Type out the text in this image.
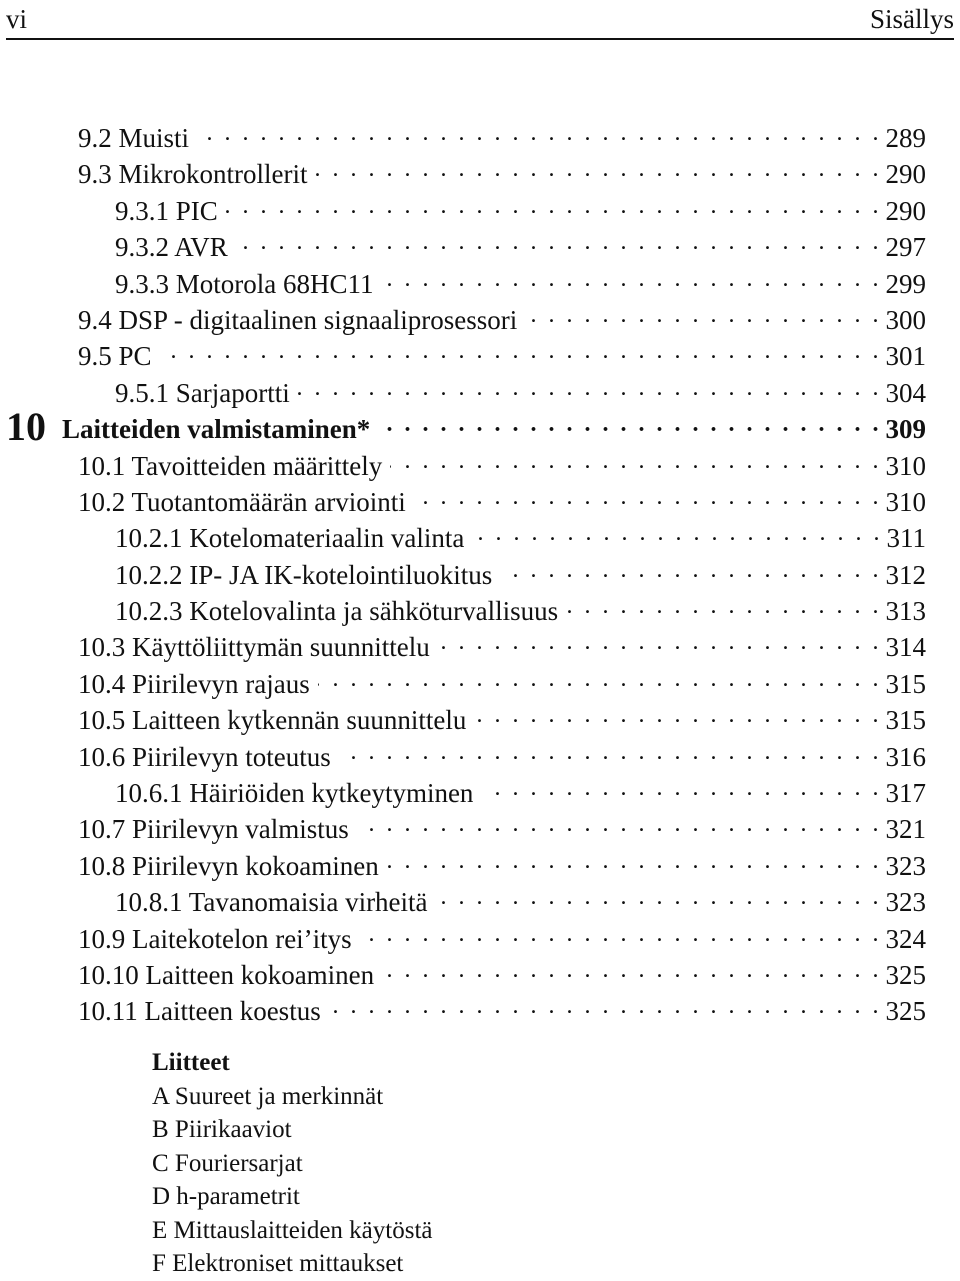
vi	Sisällys
9.2 Muisti . . .	289
9.3 Mikrokontrollerit . . .	290
9.3.1 PIC . . .	290
9.3.2 AVR . . .	297
9.3.3 Motorola 68HC11 . . .	299
9.4 DSP - digitaalinen signaaliprosessori . . .	300
9.5 PC . . .	301
9.5.1 Sarjaportti . . .	304
10 Laitteiden valmistaminen* . . .	309
10.1 Tavoitteiden määrittely . . .	310
10.2 Tuotantomäärän arviointi . . .	310
10.2.1 Kotelomateriaalin valinta . . .	311
10.2.2 IP- JA IK-kotelointiluokitus . . .	312
10.2.3 Kotelovalinta ja sähköturvallisuus . . .	313
10.3 Käyttöliittymän suunnittelu . . .	314
10.4 Piirilevyn rajaus . . .	315
10.5 Laitteen kytkennän suunnittelu . . .	315
10.6 Piirilevyn toteutus . . .	316
10.6.1 Häiriöiden kytkeytyminen . . .	317
10.7 Piirilevyn valmistus . . .	321
10.8 Piirilevyn kokoaminen . . .	323
10.8.1 Tavanomaisia virheitä . . .	323
10.9 Laitekotelon rei’itys . . .	324
10.10 Laitteen kokoaminen . . .	325
10.11 Laitteen koestus . . .	325
Liitteet
A Suureet ja merkinnät
B Piirikaaviot
C Fouriersarjat
D h-parametrit
E Mittauslaitteiden käytöstä
F Elektroniset mittaukset
